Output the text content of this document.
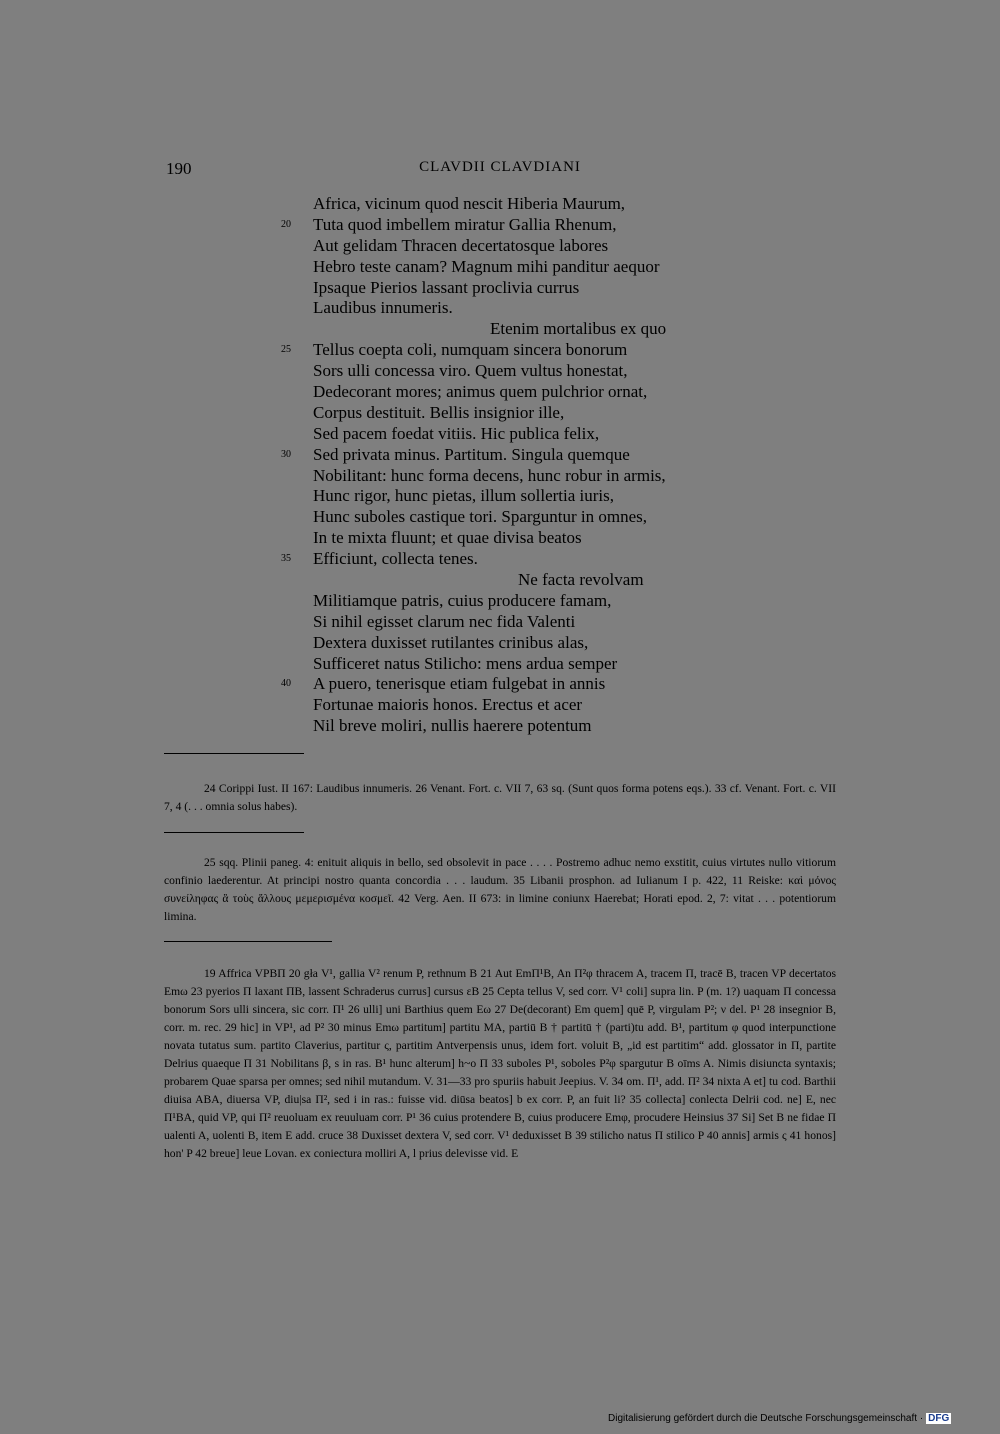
190	CLAVDII CLAVDIANI
Africa, vicinum quod nescit Hiberia Maurum,
20 Tuta quod imbellem miratur Gallia Rhenum,
Aut gelidam Thracen decertatosque labores
Hebro teste canam? Magnum mihi panditur aequor
Ipsaque Pierios lassant proclivia currus
Laudibus innumeris.
Etenim mortalibus ex quo
25 Tellus coepta coli, numquam sincera bonorum
Sors ulli concessa viro. Quem vultus honestat,
Dedecorant mores; animus quem pulchrior ornat,
Corpus destituit. Bellis insignior ille,
Sed pacem foedat vitiis. Hic publica felix,
30 Sed privata minus. Partitum. Singula quemque
Nobilitant: hunc forma decens, hunc robur in armis,
Hunc rigor, hunc pietas, illum sollertia iuris,
Hunc suboles castique tori. Sparguntur in omnes,
In te mixta fluunt; et quae divisa beatos
35 Efficiunt, collecta tenes.
Ne facta revolvam
Militiamque patris, cuius producere famam,
Si nihil egisset clarum nec fida Valenti
Dextera duxisset rutilantes crinibus alas,
Sufficeret natus Stilicho: mens ardua semper
40 A puero, tenerisque etiam fulgebat in annis
Fortunae maioris honos. Erectus et acer
Nil breve moliri, nullis haerere potentum

24 Corippi Iust. II 167: Laudibus innumeris. 26 Venant. Fort. c. VII 7, 63 sq. (Sunt quos forma potens eqs.). 33 cf. Venant. Fort. c. VII 7, 4 (. . . omnia solus habes).

25 sqq. Plinii paneg. 4: enituit aliquis in bello, sed obsolevit in pace . . . . Postremo adhuc nemo exstitit, cuius virtutes nullo vitiorum confinio laederentur. At principi nostro quanta concordia . . . laudum. 35 Libanii prosphon. ad Iulianum I p. 422, 11 Reiske: καὶ μόνος συνείληφας ἃ τοὺς ἄλλους μεμερισμένα κοσμεῖ. 42 Verg. Aen. II 673: in limine coniunx Haerebat; Horati epod. 2, 7: vitat . . . potentiorum limina.

19 Affrica VPBΠ 20 gła V¹, gallia V² renum P, rethnum B 21 Aut EmΠ¹B, An Π²φ thracem A, tracem Π, tracē B, tracen VP decertatos Emω 23 pyerios Π laxant ΠB, lassent Schraderus currus] cursus εB 25 Cepta tellus V, sed corr. V¹ coli] supra lin. P (m. 1?) uaquam Π concessa bonorum Sors ulli sincera, sic corr. Π¹ 26 ulli] uni Barthius quem Eω 27 De(decorant) Em quem] quē P, virgulam P²; ν del. P¹ 28 insegnior B, corr. m. rec. 29 hic] in VP¹, ad P² 30 minus Emω partitum] partitu MA, partiū B † partitū † (parti)tu add. B¹, partitum φ quod interpunctione novata tutatus sum. partito Claverius, partitur ς, partitim Antverpensis unus, idem fort. voluit B, „id est partitim“ add. glossator in Π, partite Delrius quaeque Π 31 Nobilitans β, s in ras. B¹ hunc alterum] h~o Π 33 suboles P¹, soboles P²φ spargutur B oīms A. Nimis disiuncta syntaxis; probarem Quae sparsa per omnes; sed nihil mutandum. V. 31—33 pro spuriis habuit Jeepius. V. 34 om. Π¹, add. Π² 34 nixta A et] tu cod. Barthii diuisa ABA, diuersa VP, diu|sa Π², sed i in ras.: fuisse vid. diūsa beatos] b ex corr. P, an fuit li? 35 collecta] conlecta Delrii cod. ne] E, nec Π¹BA, quid VP, qui Π² reuoluam ex reuuluam corr. P¹ 36 cuius protendere B, cuius producere Emφ, procudere Heinsius 37 Si] Set B ne fidae Π ualenti A, uolenti B, item E add. cruce 38 Duxisset dextera V, sed corr. V¹ deduxisset B 39 stilicho natus Π stilico P 40 annis] armis ς 41 honos] hon' P 42 breue] leue Lovan. ex coniectura molliri A, l prius delevisse vid. E

Digitalisierung gefördert durch die Deutsche Forschungsgemeinschaft · DFG
